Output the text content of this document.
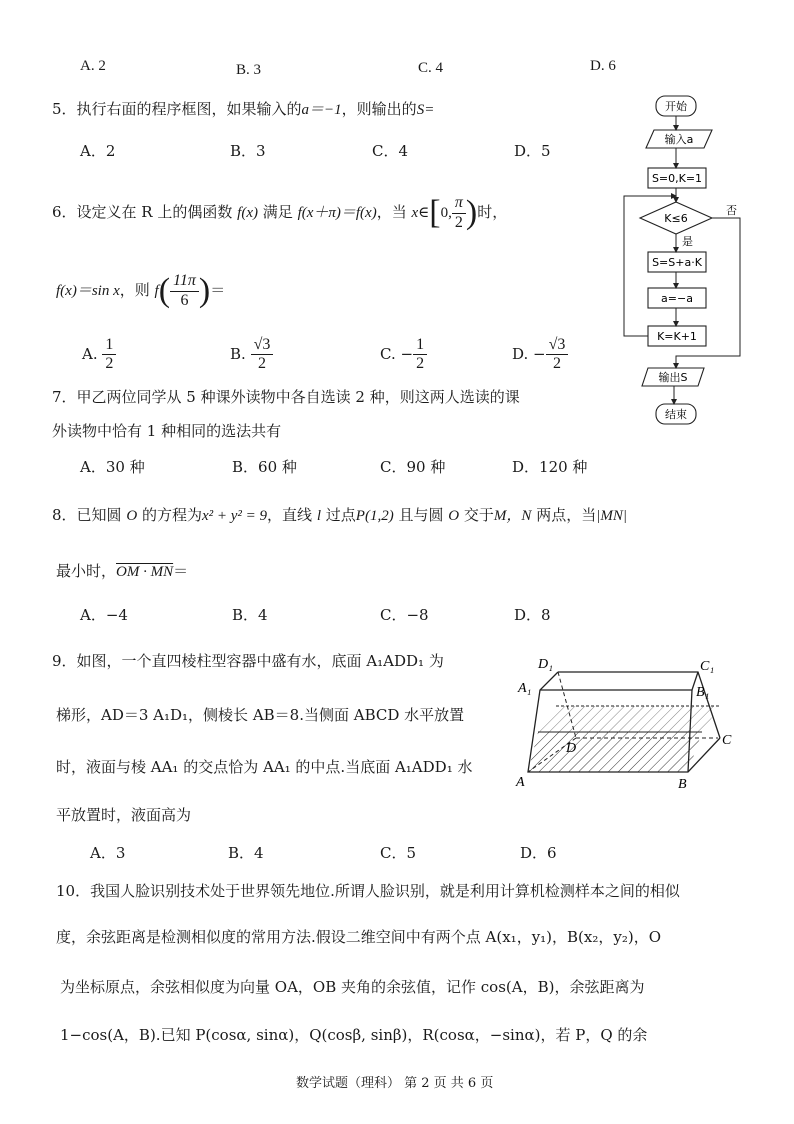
A. 2	B. 3	C. 4	D. 6
5．执行右面的程序框图，如果输入的a＝−1，则输出的S=
A．2	B．3	C．4	D．5
6．设定义在 R 上的偶函数 f(x) 满足 f(x＋π)＝f(x)，当 x∈[0, $\frac{\pi}{2}$ )时，
f(x)＝sin x，则 $f( \frac{11\pi}{6}$ )＝
A. $\frac{1}{2}$	B. $\frac{√3}{2}$	C. − $\frac{1}{2}$	D. − $\frac{√3}{2}$
7．甲乙两位同学从 5 种课外读物中各自选读 2 种，则这两人选读的课
外读物中恰有 1 种相同的选法共有
A．30 种	B．60 种	C．90 种	D．120 种
8．已知圆 O 的方程为x² + y² = 9，直线 l 过点P(1,2) 且与圆 O 交于M，N 两点，当|MN|
最小时，OM · MN＝
A．−4	B．4	C．−8	D．8
9．如图，一个直四棱柱型容器中盛有水，底面 A₁ADD₁ 为
梯形，AD＝3 A₁D₁，侧棱长 AB＝8.当侧面 ABCD 水平放置
时，液面与棱 AA₁ 的交点恰为 AA₁ 的中点.当底面 A₁ADD₁ 水
平放置时，液面高为
A．3	B．4	C．5	D．6
D₁	C₁
A₁	B₁
D
C
A	B
10．我国人脸识别技术处于世界领先地位.所谓人脸识别，就是利用计算机检测样本之间的相似
度，余弦距离是检测相似度的常用方法.假设二维空间中有两个点 A(x₁，y₁)，B(x₂，y₂)，O
为坐标原点，余弦相似度为向量 OA，OB 夹角的余弦值，记作 cos(A，B)，余弦距离为
1−cos(A，B).已知 P(cosα, sinα)，Q(cosβ, sinβ)，R(cosα，−sinα)，若 P，Q 的余
数学试题（理科） 第 2 页 共 6 页
开始
输入a
S=0,K=1
K≤6
否
是
S=S+a·K
a=−a
K=K+1
输出S
结束
